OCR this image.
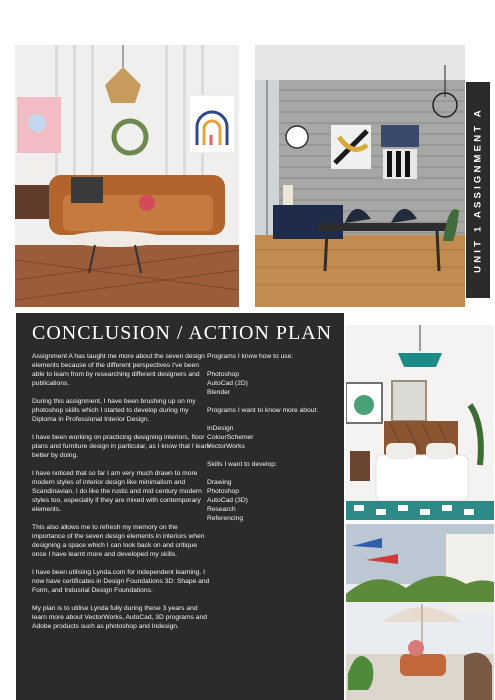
UNIT 1 ASSIGNMENT A
CONCLUSION / ACTION PLAN

Assignment A has taught me more about the seven design elements because of the different perspectives I've been able to learn from by researching different designers and publications.

During this assignment, I have been brushing up on my photoshop skills which I started to develop during my Diploma in Professional Interior Design.

I have been working on practicing designing interiors, floor plans and furniture design in particular, as I know that I learn better by doing.

I have noticed that so far I am very much drawn to more modern styles of interior design like minimalism and Scandinavian. I do like the rustic and mid century modern styles too, especially if they are mixed with contemporary elements.

This also allows me to refresh my memory on the importance of the seven design elements in interiors when designing a space which I can look back on and critique once I have learnt more and developed my skills.

I have been utilising Lynda.com for independent learning. I now have certificates in Design Foundations 3D: Shape and Form, and Indusrial Design Foundations.

My plan is to utilise Lynda fully during these 3 years and learn more about VectorWorks, AutoCad, 3D programs and Adobe products such as photoshop and Indesign.

Programs I know how to use:

Photoshop
AutoCad (2D)
Blender

Programs I want to know more about:

InDesign
ColourSchemer
VectorWorks

Skills I want to develop:

Drawing
Photoshop
AutoCad (3D)
Research
Referencing
